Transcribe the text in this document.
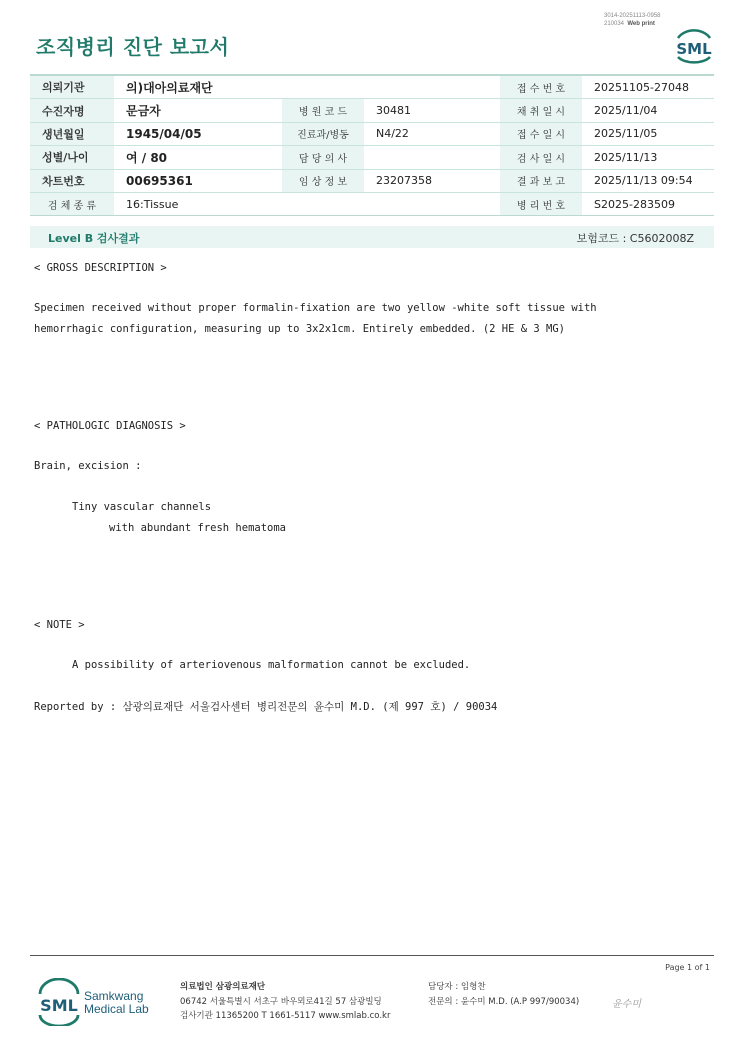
3014-20251113-0958
210034 Web print
조직병리 진단 보고서	SML
의뢰기관	의)대아의료재단			접 수 번 호	20251105-27048
수진자명	문금자	병 원 코 드	30481	채 취 일 시	2025/11/04
생년월일	1945/04/05	진료과/병동	N4/22	접 수 일 시	2025/11/05
성별/나이	여 / 80	담 당 의 사		검 사 일 시	2025/11/13
차트번호	00695361	임 상 정 보	23207358	결 과 보 고	2025/11/13 09:54
검 체 종 류	16:Tissue			병 리 번 호	S2025-283509
Level B 검사결과	보험코드 : C5602008Z
< GROSS DESCRIPTION >
Specimen received without proper formalin-fixation are two yellow -white soft tissue with
hemorrhagic configuration, measuring up to 3x2x1cm. Entirely embedded. (2 HE & 3 MG)
< PATHOLOGIC DIAGNOSIS >
Brain, excision :
Tiny vascular channels
with abundant fresh hematoma
< NOTE >
A possibility of arteriovenous malformation cannot be excluded.
Reported by : 삼광의료재단 서울검사센터 병리전문의 윤수미 M.D. (제 997 호) / 90034
Page 1 of 1
SML Samkwang
Medical Lab
의료법인 삼광의료재단
06742 서울특별시 서초구 바우뫼로41길 57 삼광빌딩
검사기관 11365200 T 1661-5117 www.smlab.co.kr
담당자 : 임형찬
전문의 : 윤수미 M.D. (A.P 997/90034)	윤수미
